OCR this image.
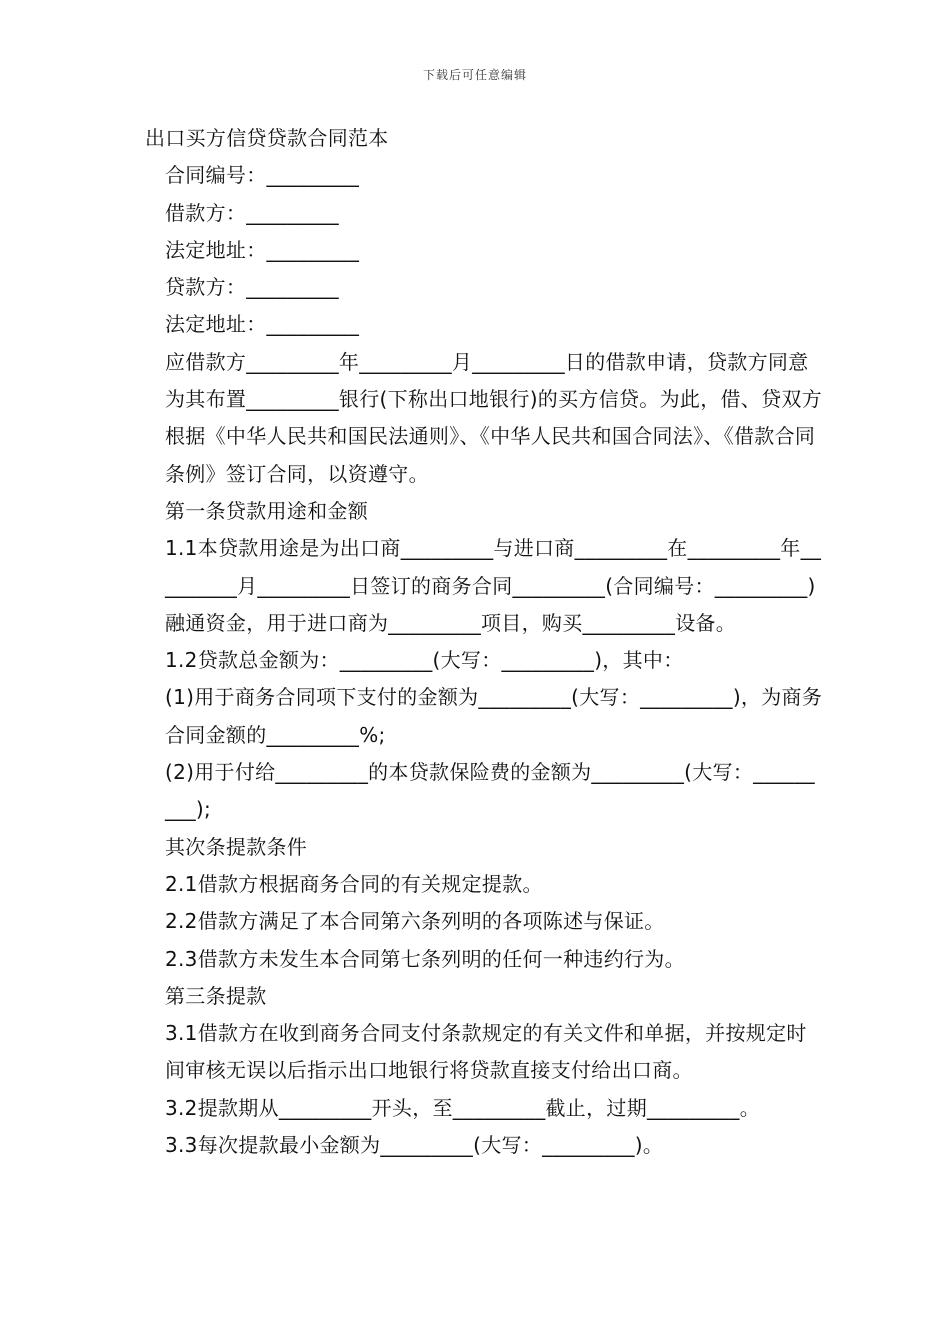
下载后可任意编辑

出口买方信贷贷款合同范本

合同编号：_________

借款方：_________

法定地址：_________

贷款方：_________

法定地址：_________

应借款方_________年_________月_________日的借款申请，贷款方同意为其布置_________银行(下称出口地银行)的买方信贷。为此，借、贷双方根据《中华人民共和国民法通则》、《中华人民共和国合同法》、《借款合同条例》签订合同，以资遵守。

第一条贷款用途和金额

1.1本贷款用途是为出口商_________与进口商_________在_________年_________月_________日签订的商务合同_________(合同编号：_________)融通资金，用于进口商为_________项目，购买_________设备。

1.2贷款总金额为：_________(大写：_________)，其中：

(1)用于商务合同项下支付的金额为_________(大写：_________)，为商务合同金额的_________%;

(2)用于付给_________的本贷款保险费的金额为_________(大写：_________);

其次条提款条件

2.1借款方根据商务合同的有关规定提款。

2.2借款方满足了本合同第六条列明的各项陈述与保证。

2.3借款方未发生本合同第七条列明的任何一种违约行为。

第三条提款

3.1借款方在收到商务合同支付条款规定的有关文件和单据，并按规定时间审核无误以后指示出口地银行将贷款直接支付给出口商。

3.2提款期从_________开头，至_________截止，过期_________。

3.3每次提款最小金额为_________(大写：_________)。
